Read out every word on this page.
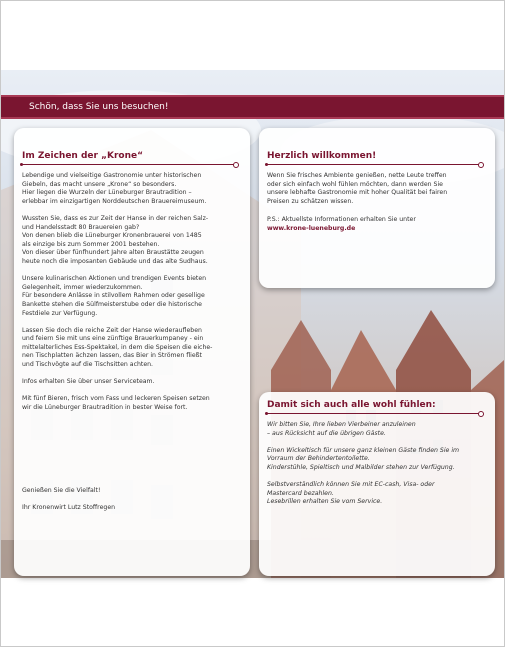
Schön, dass Sie uns besuchen!
Im Zeichen der „Krone“

Lebendige und vielseitige Gastronomie unter historischen
Giebeln, das macht unsere „Krone“ so besonders.
Hier liegen die Wurzeln der Lüneburger Brautradition –
erlebbar im einzigartigen Norddeutschen Brauereimuseum.

Wussten Sie, dass es zur Zeit der Hanse in der reichen Salz-
und Handelsstadt 80 Brauereien gab?
Von denen blieb die Lüneburger Kronenbrauerei von 1485
als einzige bis zum Sommer 2001 bestehen.
Von dieser über fünfhundert Jahre alten Braustätte zeugen
heute noch die imposanten Gebäude und das alte Sudhaus.

Unsere kulinarischen Aktionen und trendigen Events bieten
Gelegenheit, immer wiederzukommen.
Für besondere Anlässe in stilvollem Rahmen oder gesellige
Bankette stehen die Sülfmeisterstube oder die historische
Festdiele zur Verfügung.

Lassen Sie doch die reiche Zeit der Hanse wiederaufleben
und feiern Sie mit uns eine zünftige Brauerkumpaney - ein
mittelalterliches Ess-Spektakel, in dem die Speisen die eiche-
nen Tischplatten ächzen lassen, das Bier in Strömen fließt
und Tischvögte auf die Tischsitten achten.

Infos erhalten Sie über unser Serviceteam.

Mit fünf Bieren, frisch vom Fass und leckeren Speisen setzen
wir die Lüneburger Brautradition in bester Weise fort.

Genießen Sie die Vielfalt!

Ihr Kronenwirt Lutz Stoffregen

Herzlich willkommen!

Wenn Sie frisches Ambiente genießen, nette Leute treffen
oder sich einfach wohl fühlen möchten, dann werden Sie
unsere lebhafte Gastronomie mit hoher Qualität bei fairen
Preisen zu schätzen wissen.

P.S.: Aktuellste Informationen erhalten Sie unter

www.krone-lueneburg.de

Damit sich auch alle wohl fühlen:

Wir bitten Sie, Ihre lieben Vierbeiner anzuleinen
– aus Rücksicht auf die übrigen Gäste.

Einen Wickeltisch für unsere ganz kleinen Gäste finden Sie im
Vorraum der Behindertentoilette.
Kinderstühle, Spieltisch und Malbilder stehen zur Verfügung.

Selbstverständlich können Sie mit EC-cash, Visa- oder
Mastercard bezahlen.
Lesebrillen erhalten Sie vom Service.
